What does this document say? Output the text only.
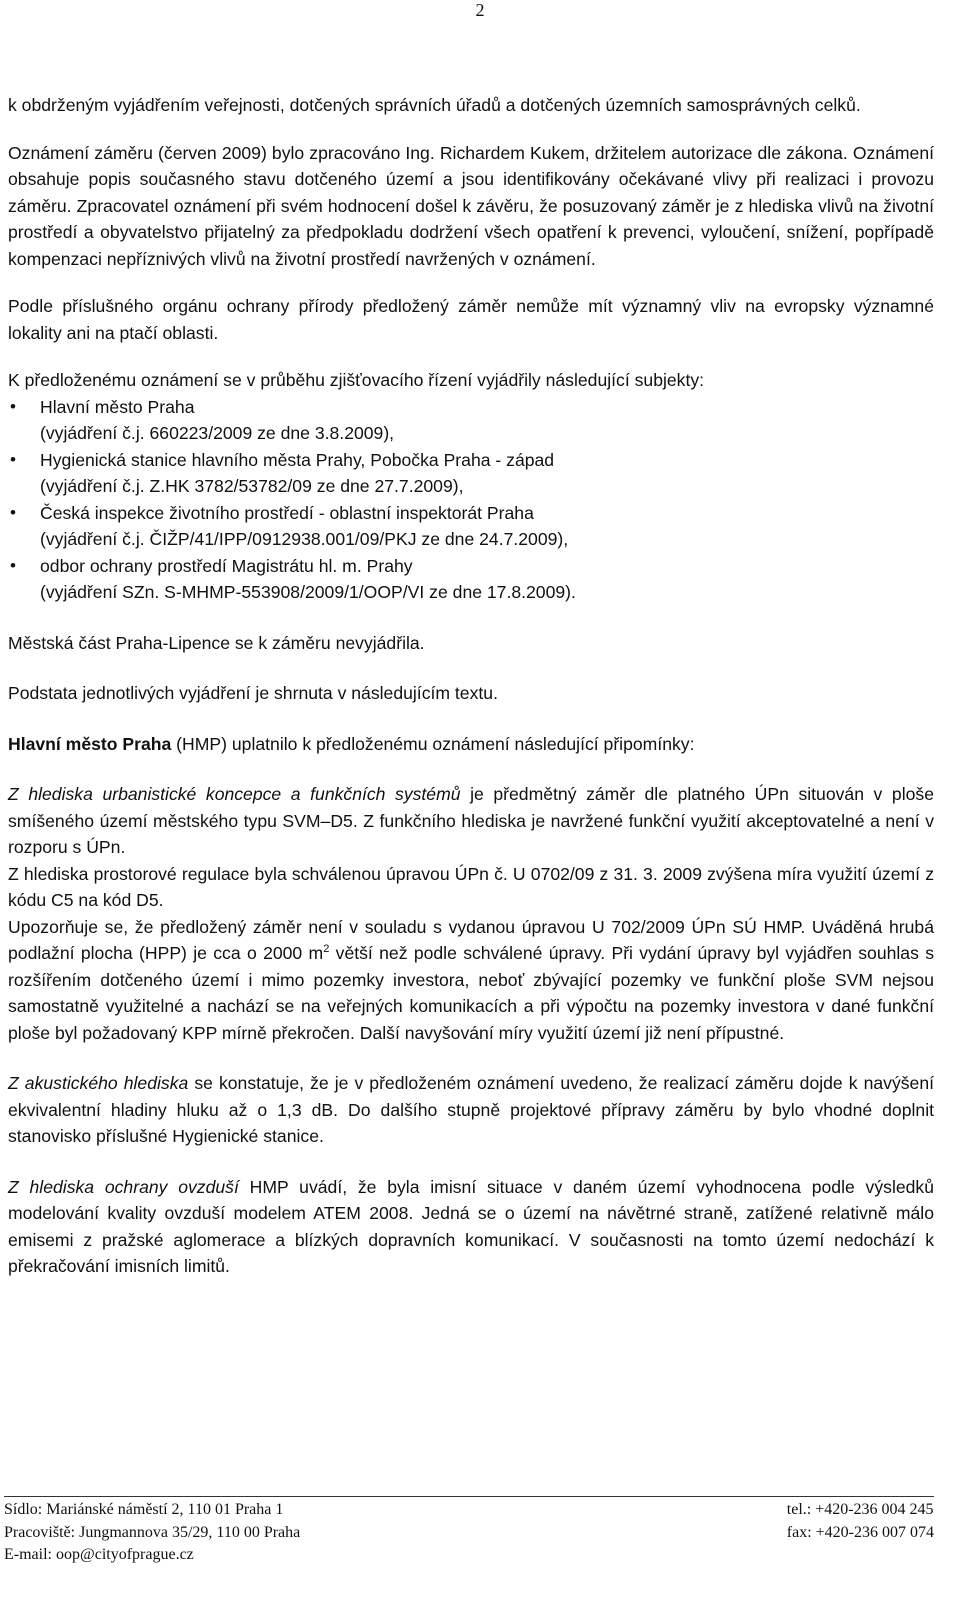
2

k obdrženým vyjádřením veřejnosti, dotčených správních úřadů a dotčených územních samosprávných celků.

Oznámení záměru (červen 2009) bylo zpracováno Ing. Richardem Kukem, držitelem autorizace dle zákona. Oznámení obsahuje popis současného stavu dotčeného území a jsou identifikovány očekávané vlivy při realizaci i provozu záměru. Zpracovatel oznámení při svém hodnocení došel k závěru, že posuzovaný záměr je z hlediska vlivů na životní prostředí a obyvatelstvo přijatelný za předpokladu dodržení všech opatření k prevenci, vyloučení, snížení, popřípadě kompenzaci nepříznivých vlivů na životní prostředí navržených v oznámení.

Podle příslušného orgánu ochrany přírody předložený záměr nemůže mít významný vliv na evropsky významné lokality ani na ptačí oblasti.

K předloženému oznámení se v průběhu zjišťovacího řízení vyjádřily následující subjekty:

• Hlavní město Praha
(vyjádření č.j. 660223/2009 ze dne 3.8.2009),
• Hygienická stanice hlavního města Prahy, Pobočka Praha - západ
(vyjádření č.j. Z.HK 3782/53782/09 ze dne 27.7.2009),
• Česká inspekce životního prostředí - oblastní inspektorát Praha
(vyjádření č.j. ČIŽP/41/IPP/0912938.001/09/PKJ ze dne 24.7.2009),
• odbor ochrany prostředí Magistrátu hl. m. Prahy
(vyjádření SZn. S-MHMP-553908/2009/1/OOP/VI ze dne 17.8.2009).

Městská část Praha-Lipence se k záměru nevyjádřila.

Podstata jednotlivých vyjádření je shrnuta v následujícím textu.

Hlavní město Praha (HMP) uplatnilo k předloženému oznámení následující připomínky:

Z hlediska urbanistické koncepce a funkčních systémů je předmětný záměr dle platného ÚPn situován v ploše smíšeného území městského typu SVM–D5. Z funkčního hlediska je navržené funkční využití akceptovatelné a není v rozporu s ÚPn.

Z hlediska prostorové regulace byla schválenou úpravou ÚPn č. U 0702/09 z 31. 3. 2009 zvýšena míra využití území z kódu C5 na kód D5.

Upozorňuje se, že předložený záměr není v souladu s vydanou úpravou U 702/2009 ÚPn SÚ HMP. Uváděná hrubá podlažní plocha (HPP) je cca o 2000 $m^2$ větší než podle schválené úpravy. Při vydání úpravy byl vyjádřen souhlas s rozšířením dotčeného území i mimo pozemky investora, neboť zbývající pozemky ve funkční ploše SVM nejsou samostatně využitelné a nachází se na veřejných komunikacích a při výpočtu na pozemky investora v dané funkční ploše byl požadovaný KPP mírně překročen. Další navyšování míry využití území již není přípustné.

Z akustického hlediska se konstatuje, že je v předloženém oznámení uvedeno, že realizací záměru dojde k navýšení ekvivalentní hladiny hluku až o 1,3 dB. Do dalšího stupně projektové přípravy záměru by bylo vhodné doplnit stanovisko příslušné Hygienické stanice.

Z hlediska ochrany ovzduší HMP uvádí, že byla imisní situace v daném území vyhodnocena podle výsledků modelování kvality ovzduší modelem ATEM 2008. Jedná se o území na návětrné straně, zatížené relativně málo emisemi z pražské aglomerace a blízkých dopravních komunikací. V současnosti na tomto území nedochází k překračování imisních limitů.

Sídlo: Mariánské náměstí 2, 110 01 Praha 1
Pracoviště: Jungmannova 35/29, 110 00 Praha
E-mail: oop@cityofprague.cz
tel.: +420-236 004 245
fax: +420-236 007 074
